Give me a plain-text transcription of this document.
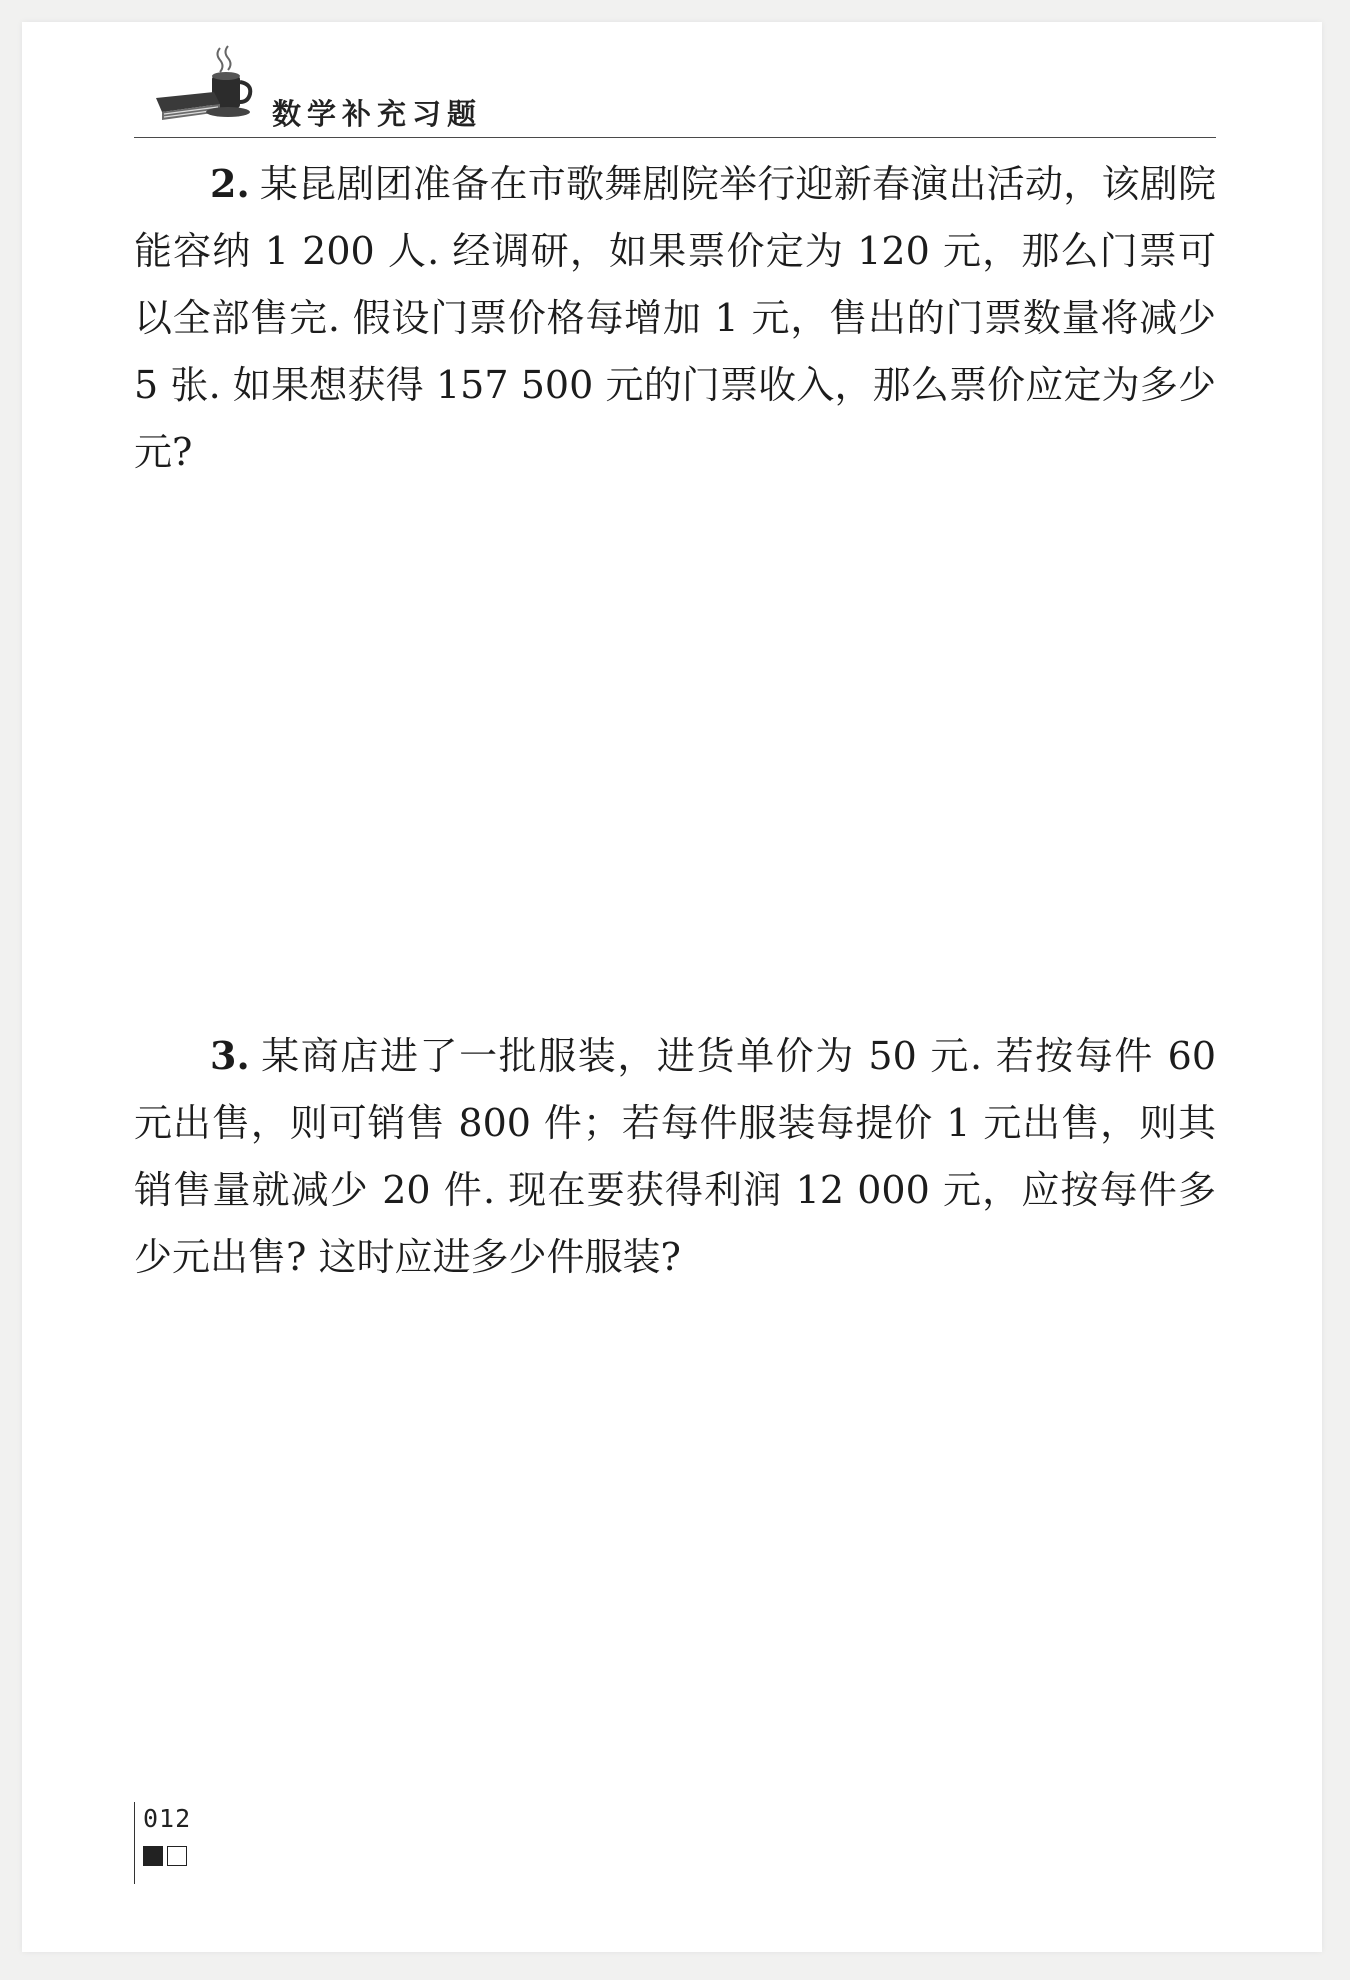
数学补充习题
2. 某昆剧团准备在市歌舞剧院举行迎新春演出活动，该剧院能容纳 1 200 人. 经调研，如果票价定为 120 元，那么门票可以全部售完. 假设门票价格每增加 1 元，售出的门票数量将减少 5 张. 如果想获得 157 500 元的门票收入，那么票价应定为多少元?
3. 某商店进了一批服装，进货单价为 50 元. 若按每件 60 元出售，则可销售 800 件；若每件服装每提价 1 元出售，则其销售量就减少 20 件. 现在要获得利润 12 000 元，应按每件多少元出售? 这时应进多少件服装?
012
